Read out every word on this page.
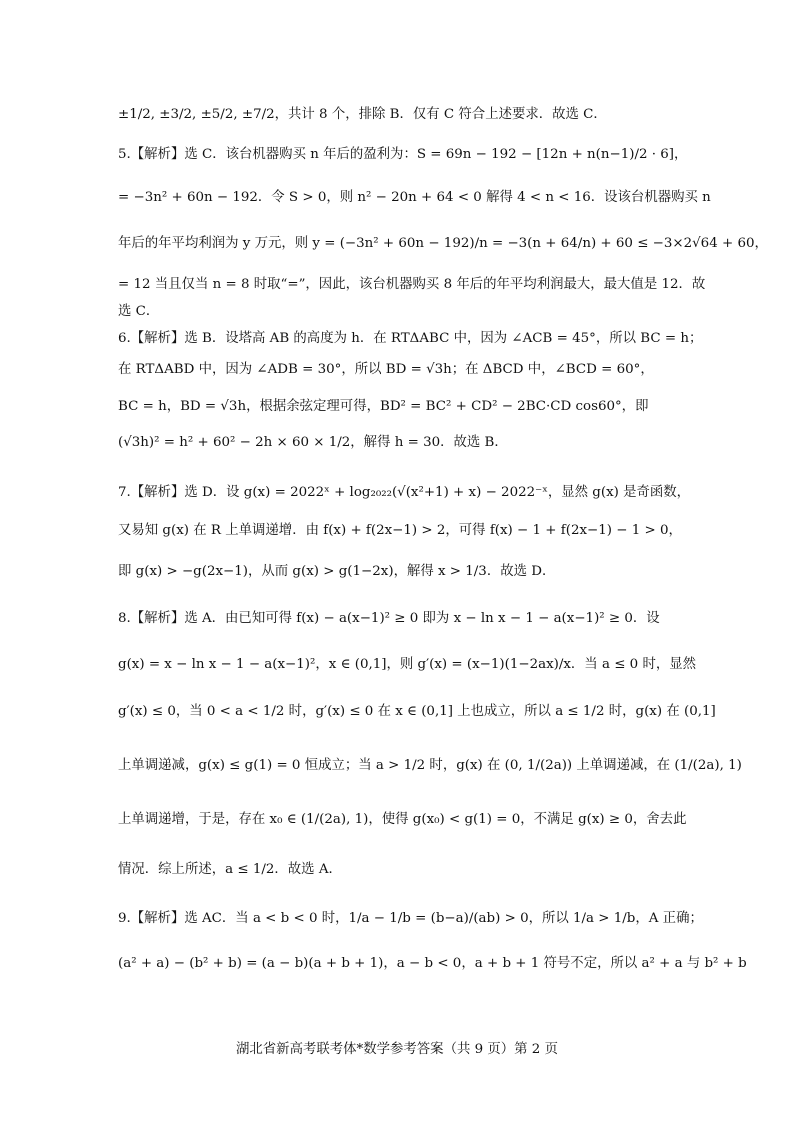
±1/2, ±3/2, ±5/2, ±7/2，共计 8 个，排除 B．仅有 C 符合上述要求．故选 C．
5.【解析】选 C．该台机器购买 n 年后的盈利为：S = 69n − 192 − [12n + n(n−1)/2 · 6]，
= −3n² + 60n − 192．令 S > 0，则 n² − 20n + 64 < 0 解得 4 < n < 16．设该台机器购买 n
年后的年平均利润为 y 万元，则 y = (−3n² + 60n − 192)/n = −3(n + 64/n) + 60 ≤ −3×2√64 + 60，
= 12 当且仅当 n = 8 时取“=”，因此，该台机器购买 8 年后的年平均利润最大，最大值是 12．故
选 C．
6.【解析】选 B．设塔高 AB 的高度为 h．在 RTΔABC 中，因为 ∠ACB = 45°，所以 BC = h；
在 RTΔABD 中，因为 ∠ADB = 30°，所以 BD = √3h；在 ΔBCD 中，∠BCD = 60°，
BC = h，BD = √3h，根据余弦定理可得，BD² = BC² + CD² − 2BC·CD cos60°，即
(√3h)² = h² + 60² − 2h × 60 × 1/2，解得 h = 30．故选 B．
7.【解析】选 D．设 g(x) = 2022ˣ + log₂₀₂₂(√(x²+1) + x) − 2022⁻ˣ，显然 g(x) 是奇函数，
又易知 g(x) 在 R 上单调递增．由 f(x) + f(2x−1) > 2，可得 f(x) − 1 + f(2x−1) − 1 > 0，
即 g(x) > −g(2x−1)，从而 g(x) > g(1−2x)，解得 x > 1/3．故选 D．
8.【解析】选 A．由已知可得 f(x) − a(x−1)² ≥ 0 即为 x − ln x − 1 − a(x−1)² ≥ 0．设
g(x) = x − ln x − 1 − a(x−1)²，x ∈ (0,1]，则 g′(x) = (x−1)(1−2ax)/x．当 a ≤ 0 时，显然
g′(x) ≤ 0，当 0 < a < 1/2 时，g′(x) ≤ 0 在 x ∈ (0,1] 上也成立，所以 a ≤ 1/2 时，g(x) 在 (0,1]
上单调递减，g(x) ≤ g(1) = 0 恒成立；当 a > 1/2 时，g(x) 在 (0, 1/(2a)) 上单调递减，在 (1/(2a), 1)
上单调递增，于是，存在 x₀ ∈ (1/(2a), 1)，使得 g(x₀) < g(1) = 0，不满足 g(x) ≥ 0，舍去此
情况．综上所述，a ≤ 1/2．故选 A．
9.【解析】选 AC．当 a < b < 0 时，1/a − 1/b = (b−a)/(ab) > 0，所以 1/a > 1/b，A 正确；
(a² + a) − (b² + b) = (a − b)(a + b + 1)，a − b < 0，a + b + 1 符号不定，所以 a² + a 与 b² + b
湖北省新高考联考体*数学参考答案（共 9 页）第 2 页
